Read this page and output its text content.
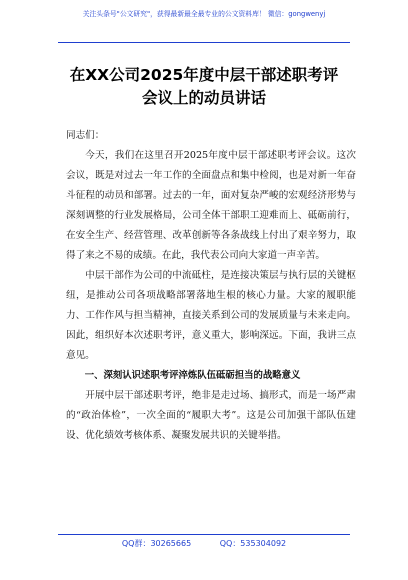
关注头条号"公文研究"，获得最新最全最专业的公文资料库！ 微信：gongwenyj
在XX公司2025年度中层干部述职考评
会议上的动员讲话

同志们：

今天，我们在这里召开2025年度中层干部述职考评会议。这次会议，既是对过去一年工作的全面盘点和集中检阅，也是对新一年奋斗征程的动员和部署。过去的一年，面对复杂严峻的宏观经济形势与深刻调整的行业发展格局，公司全体干部职工迎难而上、砥砺前行，在安全生产、经营管理、改革创新等各条战线上付出了艰辛努力，取得了来之不易的成绩。在此，我代表公司向大家道一声辛苦。

中层干部作为公司的中流砥柱，是连接决策层与执行层的关键枢纽，是推动公司各项战略部署落地生根的核心力量。大家的履职能力、工作作风与担当精神，直接关系到公司的发展质量与未来走向。因此，组织好本次述职考评，意义重大，影响深远。下面，我讲三点意见。

一、深刻认识述职考评淬炼队伍砥砺担当的战略意义

开展中层干部述职考评，绝非是走过场、搞形式，而是一场严肃的“政治体检”，一次全面的“履职大考”。这是公司加强干部队伍建设、优化绩效考核体系、凝聚发展共识的关键举措。

QQ群：30265665	QQ：535304092
